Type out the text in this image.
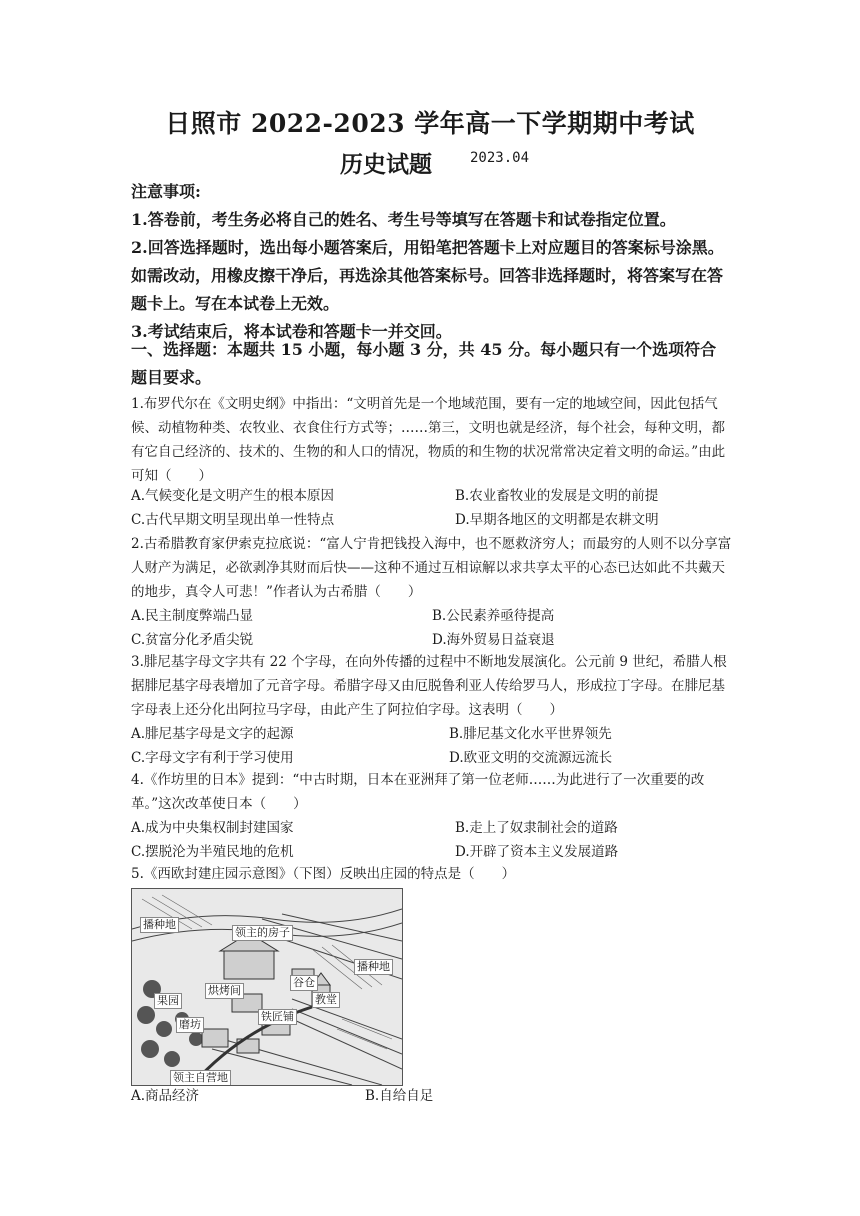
日照市 2022-2023 学年高一下学期期中考试
历史试题	2023.04
注意事项:
1.答卷前，考生务必将自己的姓名、考生号等填写在答题卡和试卷指定位置。
2.回答选择题时，选出每小题答案后，用铅笔把答题卡上对应题目的答案标号涂黑。如需改动，用橡皮擦干净后，再选涂其他答案标号。回答非选择题时，将答案写在答题卡上。写在本试卷上无效。
3.考试结束后，将本试卷和答题卡一并交回。
一、选择题：本题共 15 小题，每小题 3 分，共 45 分。每小题只有一个选项符合题目要求。
1.布罗代尔在《文明史纲》中指出：“文明首先是一个地域范围，要有一定的地域空间，因此包括气候、动植物种类、农牧业、衣食住行方式等；……第三，文明也就是经济，每个社会，每种文明，都有它自己经济的、技术的、生物的和人口的情况，物质的和生物的状况常常决定着文明的命运。”由此可知（　　）
A.气候变化是文明产生的根本原因	B.农业畜牧业的发展是文明的前提
C.古代早期文明呈现出单一性特点	D.早期各地区的文明都是农耕文明
2.古希腊教育家伊索克拉底说：“富人宁肯把钱投入海中，也不愿救济穷人；而最穷的人则不以分享富人财产为满足，必欲剥净其财而后快——这种不通过互相谅解以求共享太平的心态已达如此不共戴天的地步，真令人可悲！”作者认为古希腊（　　）
A.民主制度弊端凸显	B.公民素养亟待提高
C.贫富分化矛盾尖锐	D.海外贸易日益衰退
3.腓尼基字母文字共有 22 个字母，在向外传播的过程中不断地发展演化。公元前 9 世纪，希腊人根据腓尼基字母表增加了元音字母。希腊字母又由厄脱鲁利亚人传给罗马人，形成拉丁字母。在腓尼基字母表上还分化出阿拉马字母，由此产生了阿拉伯字母。这表明（　　）
A.腓尼基字母是文字的起源	B.腓尼基文化水平世界领先
C.字母文字有利于学习使用	D.欧亚文明的交流源远流长
4.《作坊里的日本》提到：“中古时期，日本在亚洲拜了第一位老师……为此进行了一次重要的改革。”这次改革使日本（　　）
A.成为中央集权制封建国家	B.走上了奴隶制社会的道路
C.摆脱沦为半殖民地的危机	D.开辟了资本主义发展道路
5.《西欧封建庄园示意图》（下图）反映出庄园的特点是（　　）
播种地
领主的房子
播种地
谷仓
烘烤间
教堂
果园
铁匠铺
磨坊
领主自营地
A.商品经济	B.自给自足
